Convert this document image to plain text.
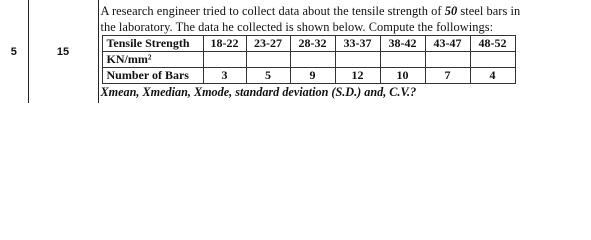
5	15	
A research engineer tried to collect data about the tensile strength of 50 steel bars in
the laboratory. The data he collected is shown below. Compute the followings:
Tensile Strength	18-22	23-27	28-32	33-37	38-42	43-47	48-52
KN/mm²							
Number of Bars	3	5	9	12	10	7	4
Xmean, Xmedian, Xmode, standard deviation (S.D.) and, C.V.?
